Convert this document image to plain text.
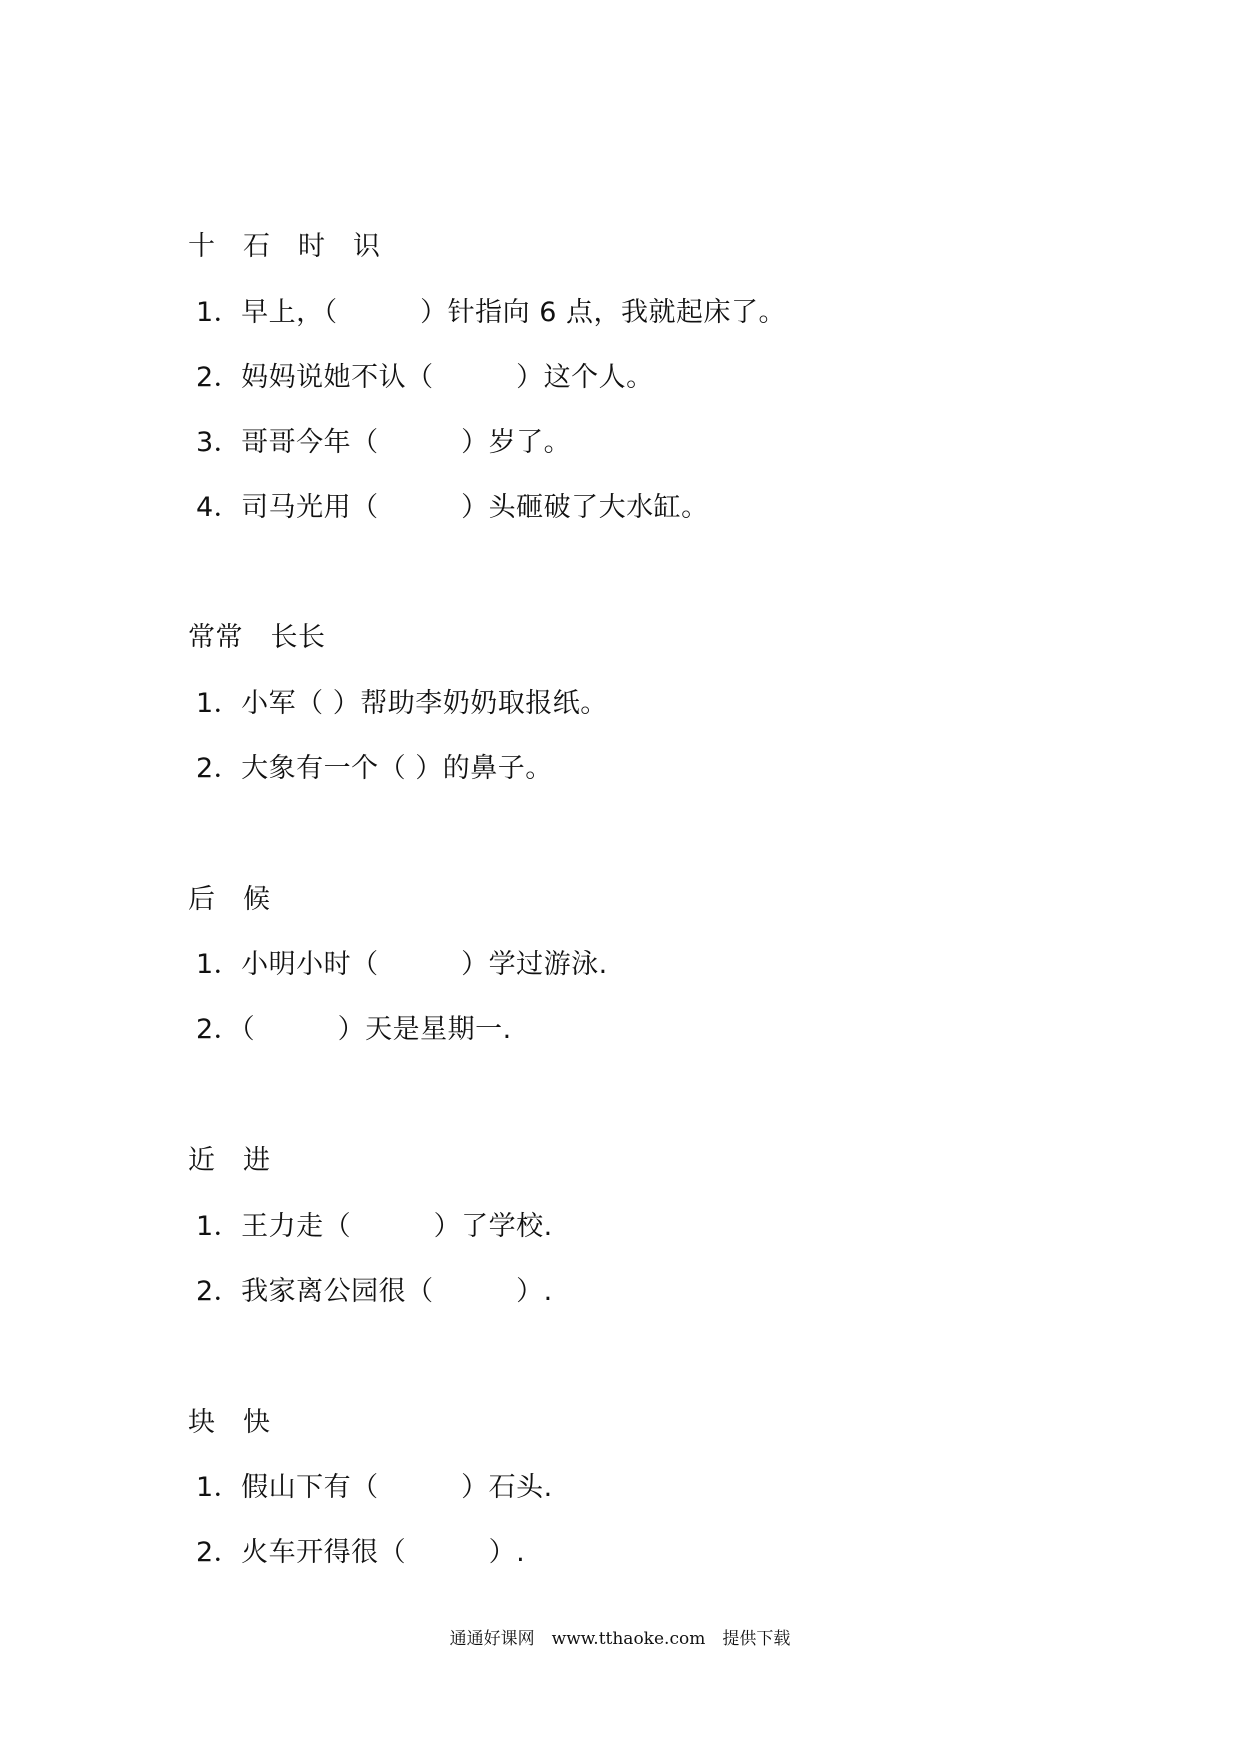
十　石　时　识
1．早上，（　　　）针指向 6 点，我就起床了。
2．妈妈说她不认（　　　）这个人。
3．哥哥今年（　　　）岁了。
4．司马光用（　　　）头砸破了大水缸。
常常　长长
1．小军（ ）帮助李奶奶取报纸。
2．大象有一个（ ）的鼻子。
后　候
1．小明小时（　　　）学过游泳.
2．（　　　）天是星期一.
近　进
1．王力走（　　　）了学校.
2．我家离公园很（　　　）.
块　快
1．假山下有（　　　）石头.
2．火车开得很（　　　）.
通通好课网　www.tthaoke.com　提供下载
